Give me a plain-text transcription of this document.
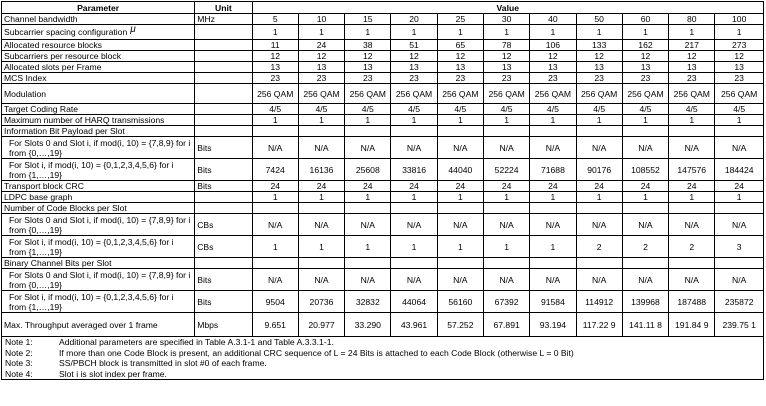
Parameter	Unit	Value										
Channel bandwidth	MHz	5	10	15	20	25	30	40	50	60	80	100
Subcarrier spacing configuration μ		1	1	1	1	1	1	1	1	1	1	1
Allocated resource blocks		11	24	38	51	65	78	106	133	162	217	273
Subcarriers per resource block		12	12	12	12	12	12	12	12	12	12	12
Allocated slots per Frame		13	13	13	13	13	13	13	13	13	13	13
MCS Index		23	23	23	23	23	23	23	23	23	23	23
Modulation		256 QAM	256 QAM	256 QAM	256 QAM	256 QAM	256 QAM	256 QAM	256 QAM	256 QAM	256 QAM	256 QAM
Target Coding Rate		4/5	4/5	4/5	4/5	4/5	4/5	4/5	4/5	4/5	4/5	4/5
Maximum number of HARQ transmissions		1	1	1	1	1	1	1	1	1	1	1
Information Bit Payload per Slot												
For Slots 0 and Slot i, if mod(i, 10) = {7,8,9} for i from {0,…,19}	Bits	N/A	N/A	N/A	N/A	N/A	N/A	N/A	N/A	N/A	N/A	N/A
For Slot i, if mod(i, 10) = {0,1,2,3,4,5,6} for i from {1,…,19}	Bits	7424	16136	25608	33816	44040	52224	71688	90176	108552	147576	184424
Transport block CRC	Bits	24	24	24	24	24	24	24	24	24	24	24
LDPC base graph		1	1	1	1	1	1	1	1	1	1	1
Number of Code Blocks per Slot												
For Slots 0 and Slot i, if mod(i, 10) = {7,8,9} for i from {0,…,19}	CBs	N/A	N/A	N/A	N/A	N/A	N/A	N/A	N/A	N/A	N/A	N/A
For Slot i, if mod(i, 10) = {0,1,2,3,4,5,6} for i from {1,…,19}	CBs	1	1	1	1	1	1	1	2	2	2	3
Binary Channel Bits per Slot												
For Slots 0 and Slot i, if mod(i, 10) = {7,8,9} for i from {0,…,19}	Bits	N/A	N/A	N/A	N/A	N/A	N/A	N/A	N/A	N/A	N/A	N/A
For Slot i, if mod(i, 10) = {0,1,2,3,4,5,6} for i from {1,…,19}	Bits	9504	20736	32832	44064	56160	67392	91584	114912	139968	187488	235872
Max. Throughput averaged over 1 frame	Mbps	9.651	20.977	33.290	43.961	57.252	67.891	93.194	117.22 9	141.11 8	191.84 9	239.75 1
Note 1:	Additional parameters are specified in Table A.3.1-1 and Table A.3.3.1-1.
Note 2:	If more than one Code Block is present, an additional CRC sequence of L = 24 Bits is attached to each Code Block (otherwise L = 0 Bit)
Note 3:	SS/PBCH block is transmitted in slot #0 of each frame.
Note 4:	Slot i is slot index per frame.
